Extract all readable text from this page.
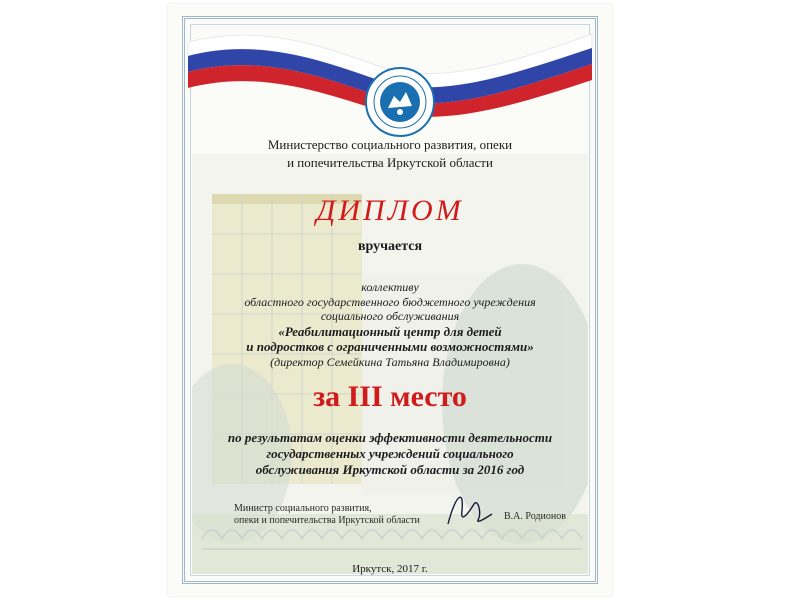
Министерство социального развития, опеки
и попечительства Иркутской области
ДИПЛОМ
вручается
коллективу
областного государственного бюджетного учреждения
социального обслуживания
«Реабилитационный центр для детей
и подростков с ограниченными возможностями»
(директор Семейкина Татьяна Владимировна)
за III место
по результатам оценки эффективности деятельности
государственных учреждений социального
обслуживания Иркутской области за 2016 год
Министр социального развития,
опеки и попечительства Иркутской области	В.А. Родионов
Иркутск, 2017 г.
